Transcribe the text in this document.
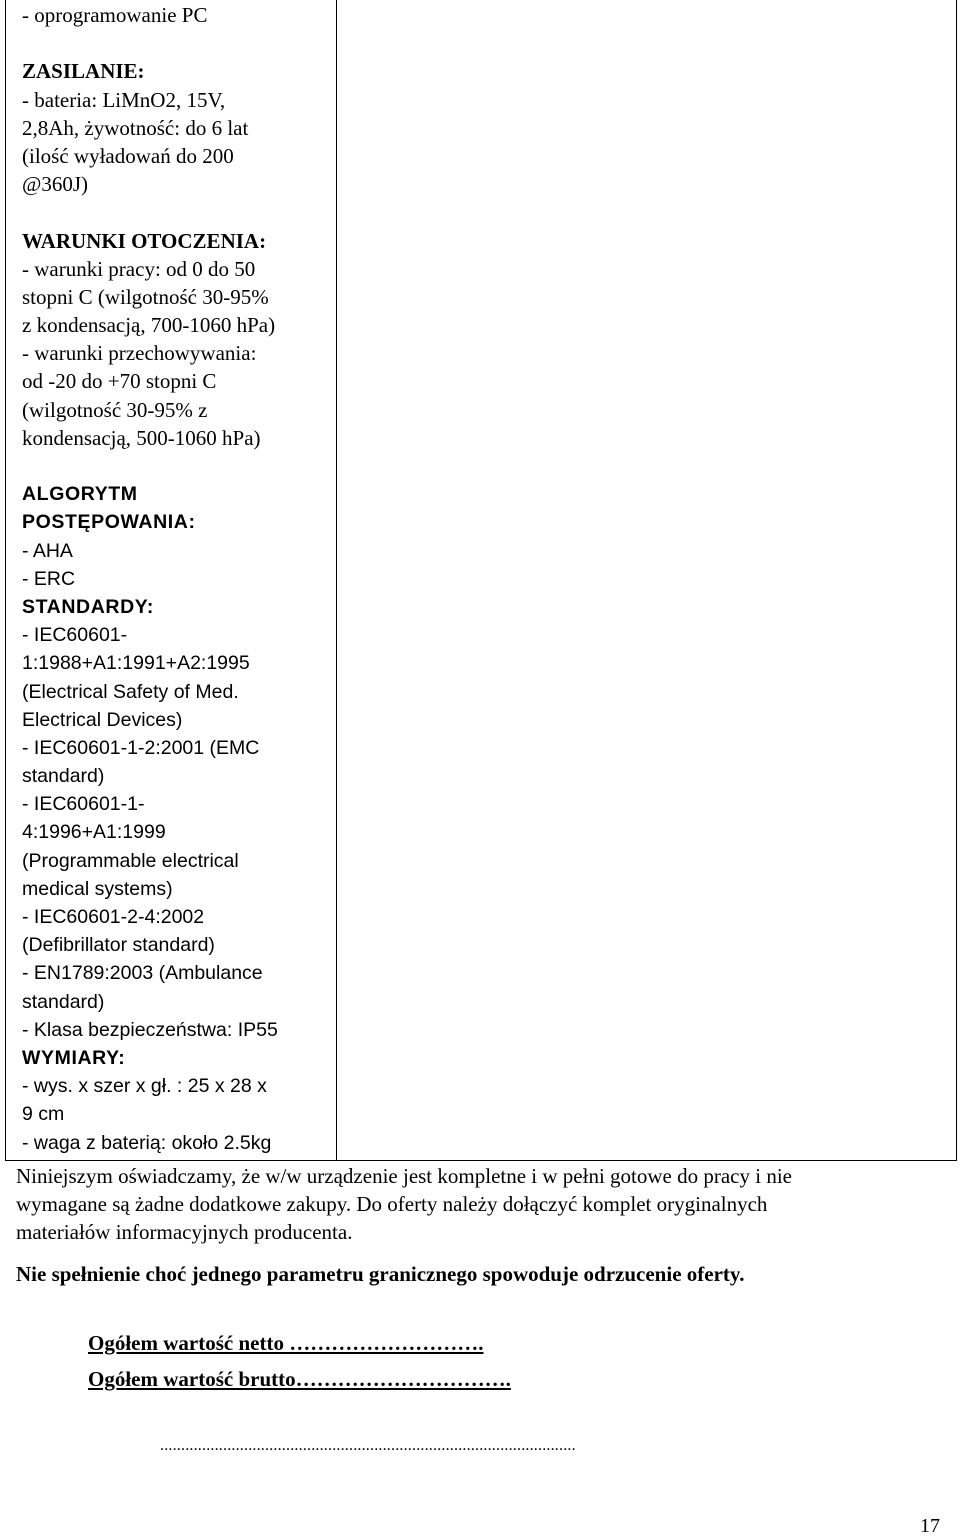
- oprogramowanie PC
ZASILANIE:
- bateria: LiMnO2, 15V,
2,8Ah, żywotność: do 6 lat
(ilość wyładowań do 200
@360J)
WARUNKI OTOCZENIA:
- warunki pracy: od 0 do 50
stopni C (wilgotność 30-95%
z kondensacją, 700-1060 hPa)
- warunki przechowywania:
od -20 do +70 stopni C
(wilgotność 30-95% z
kondensacją, 500-1060 hPa)
ALGORYTM
POSTĘPOWANIA:
- AHA
- ERC
STANDARDY:
- IEC60601-
1:1988+A1:1991+A2:1995
(Electrical Safety of Med.
Electrical Devices)
- IEC60601-1-2:2001 (EMC
standard)
- IEC60601-1-
4:1996+A1:1999
(Programmable electrical
medical systems)
- IEC60601-2-4:2002
(Defibrillator standard)
- EN1789:2003 (Ambulance
standard)
- Klasa bezpieczeństwa: IP55
WYMIARY:
- wys. x szer x gł. : 25 x 28 x
9 cm
- waga z baterią: około 2.5kg
Niniejszym oświadczamy, że w/w urządzenie jest kompletne i w pełni gotowe do pracy i nie
wymagane są żadne dodatkowe zakupy. Do oferty należy dołączyć komplet oryginalnych
materiałów informacyjnych producenta.
Nie spełnienie choć jednego parametru granicznego spowoduje odrzucenie oferty.
Ogółem wartość netto ……………………….
Ogółem wartość brutto………………………….
...................................................................................................
17
